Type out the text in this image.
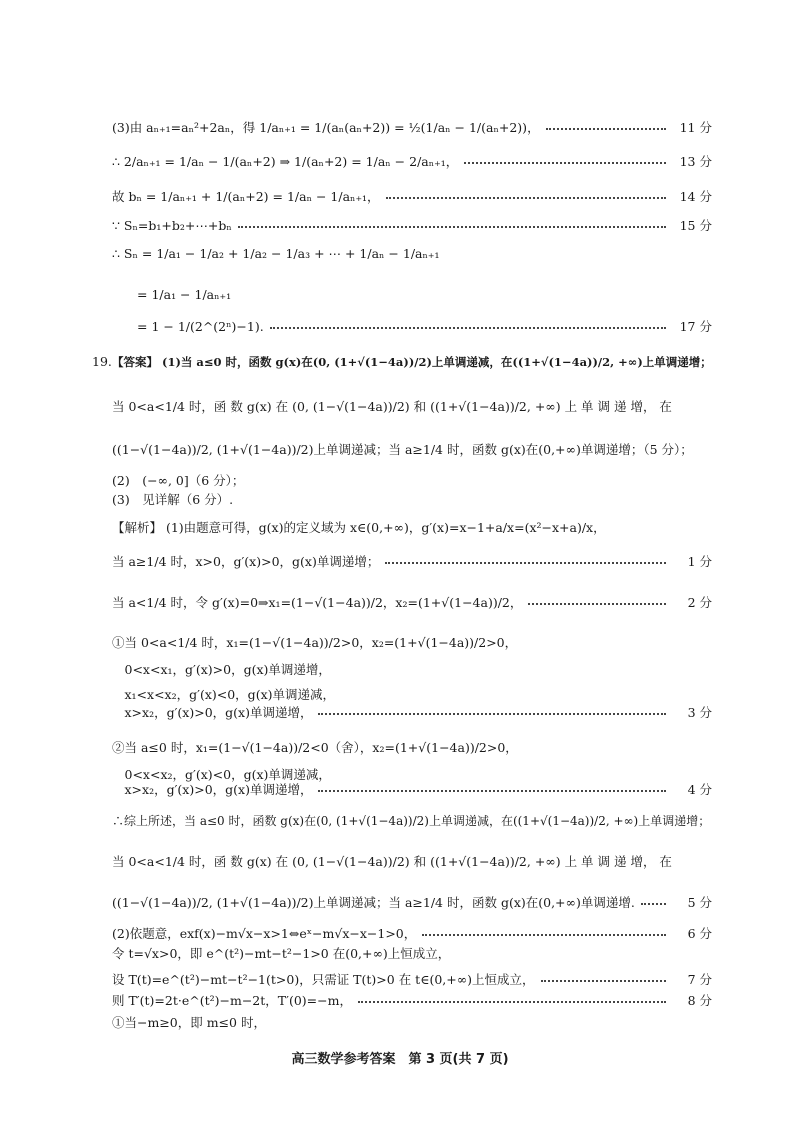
(3)由 aₙ₊₁=aₙ²+2aₙ，得 1/aₙ₊₁ = 1/(aₙ(aₙ+2)) = ½(1/aₙ − 1/(aₙ+2))，	11 分
∴ 2/aₙ₊₁ = 1/aₙ − 1/(aₙ+2) ⇒ 1/(aₙ+2) = 1/aₙ − 2/aₙ₊₁，	13 分
故 bₙ = 1/aₙ₊₁ + 1/(aₙ+2) = 1/aₙ − 1/aₙ₊₁，	14 分
∵ Sₙ=b₁+b₂+⋯+bₙ	15 分
∴ Sₙ = 1/a₁ − 1/a₂ + 1/a₂ − 1/a₃ + ⋯ + 1/aₙ − 1/aₙ₊₁
　　= 1/a₁ − 1/aₙ₊₁
　　= 1 − 1/(2^(2ⁿ)−1).	17 分
【答案】 (1)当 a≤0 时，函数 g(x)在(0, (1+√(1−4a))/2)上单调递减，在((1+√(1−4a))/2, +∞)上单调递增；
当 0<a<1/4 时，函 数 g(x) 在 (0, (1−√(1−4a))/2) 和 ((1+√(1−4a))/2, +∞) 上 单 调 递 增， 在
((1−√(1−4a))/2, (1+√(1−4a))/2)上单调递减；当 a≥1/4 时，函数 g(x)在(0,+∞)单调递增；（5 分）；
(2)　(−∞, 0]（6 分）；
(3)　见详解（6 分）.
【解析】 (1)由题意可得，g(x)的定义域为 x∈(0,+∞)，g′(x)=x−1+a/x=(x²−x+a)/x，
当 a≥1/4 时，x>0，g′(x)>0，g(x)单调递增；	1 分
当 a<1/4 时，令 g′(x)=0⇒x₁=(1−√(1−4a))/2，x₂=(1+√(1−4a))/2，	2 分
①当 0<a<1/4 时，x₁=(1−√(1−4a))/2>0，x₂=(1+√(1−4a))/2>0，
　0<x<x₁，g′(x)>0，g(x)单调递增，
　x₁<x<x₂，g′(x)<0，g(x)单调递减，
　x>x₂，g′(x)>0，g(x)单调递增，	3 分
②当 a≤0 时，x₁=(1−√(1−4a))/2<0（舍），x₂=(1+√(1−4a))/2>0，
　0<x<x₂，g′(x)<0，g(x)单调递减，
　x>x₂，g′(x)>0，g(x)单调递增，	4 分
∴综上所述，当 a≤0 时，函数 g(x)在(0, (1+√(1−4a))/2)上单调递减，在((1+√(1−4a))/2, +∞)上单调递增；
当 0<a<1/4 时，函 数 g(x) 在 (0, (1−√(1−4a))/2) 和 ((1+√(1−4a))/2, +∞) 上 单 调 递 增， 在
((1−√(1−4a))/2, (1+√(1−4a))/2)上单调递减；当 a≥1/4 时，函数 g(x)在(0,+∞)单调递增.	5 分
(2)依题意，exf(x)−m√x−x>1⇔eˣ−m√x−x−1>0，	6 分
令 t=√x>0，即 e^(t²)−mt−t²−1>0 在(0,+∞)上恒成立，
设 T(t)=e^(t²)−mt−t²−1(t>0)，只需证 T(t)>0 在 t∈(0,+∞)上恒成立，	7 分
则 T′(t)=2t·e^(t²)−m−2t，T′(0)=−m，	8 分
①当−m≥0，即 m≤0 时，
19.
高三数学参考答案　第 3 页(共 7 页)
